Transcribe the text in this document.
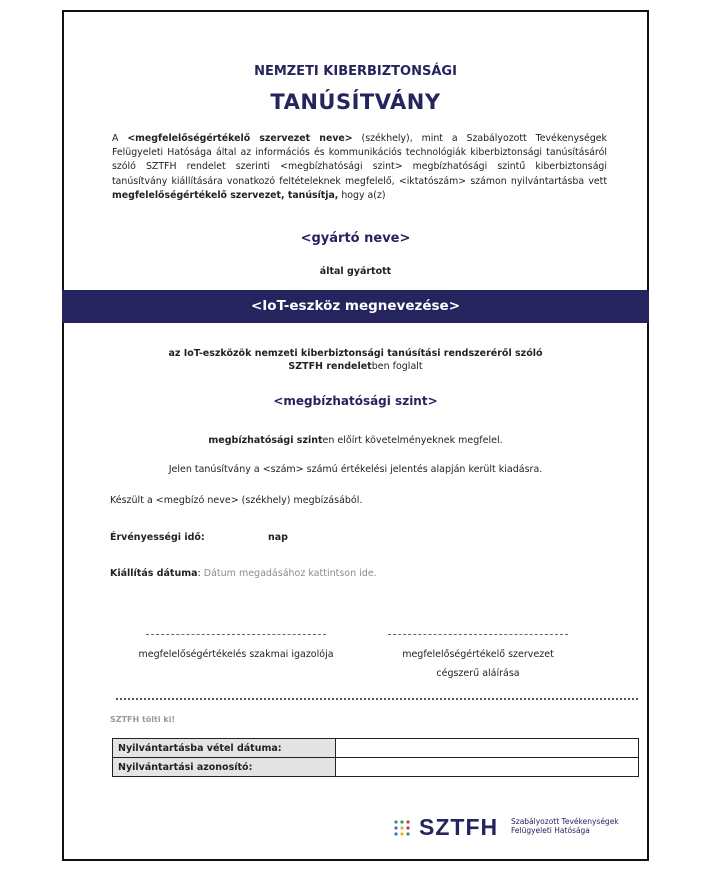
NEMZETI KIBERBIZTONSÁGI
TANÚSÍTVÁNY
A <megfelelőségértékelő szervezet neve> (székhely), mint a Szabályozott Tevékenységek Felügyeleti Hatósága által az információs és kommunikációs technológiák kiberbiztonsági tanúsításáról szóló SZTFH rendelet szerinti <megbízhatósági szint> megbízhatósági szintű kiberbiztonsági tanúsítvány kiállítására vonatkozó feltételeknek megfelelő, <iktatószám> számon nyilvántartásba vett megfelelőségértékelő szervezet, tanúsítja, hogy a(z)
<gyártó neve>
által gyártott
<IoT-eszköz megnevezése>
az IoT-eszközök nemzeti kiberbiztonsági tanúsítási rendszeréről szóló
SZTFH rendeletben foglalt
<megbízhatósági szint>
megbízhatósági szinten előírt követelményeknek megfelel.
Jelen tanúsítvány a <szám> számú értékelési jelentés alapján került kiadásra.
Készült a <megbízó neve> (székhely) megbízásából.
Érvényességi idő:	nap
Kiállítás dátuma: Dátum megadásához kattintson ide.
megfelelőségértékelés szakmai igazolója	megfelelőségértékelő szervezet
cégszerű aláírása
SZTFH tölti ki!
Nyilvántartásba vétel dátuma:	
Nyilvántartási azonosító:	
SZTFH Szabályozott Tevékenységek
Felügyeleti Hatósága
